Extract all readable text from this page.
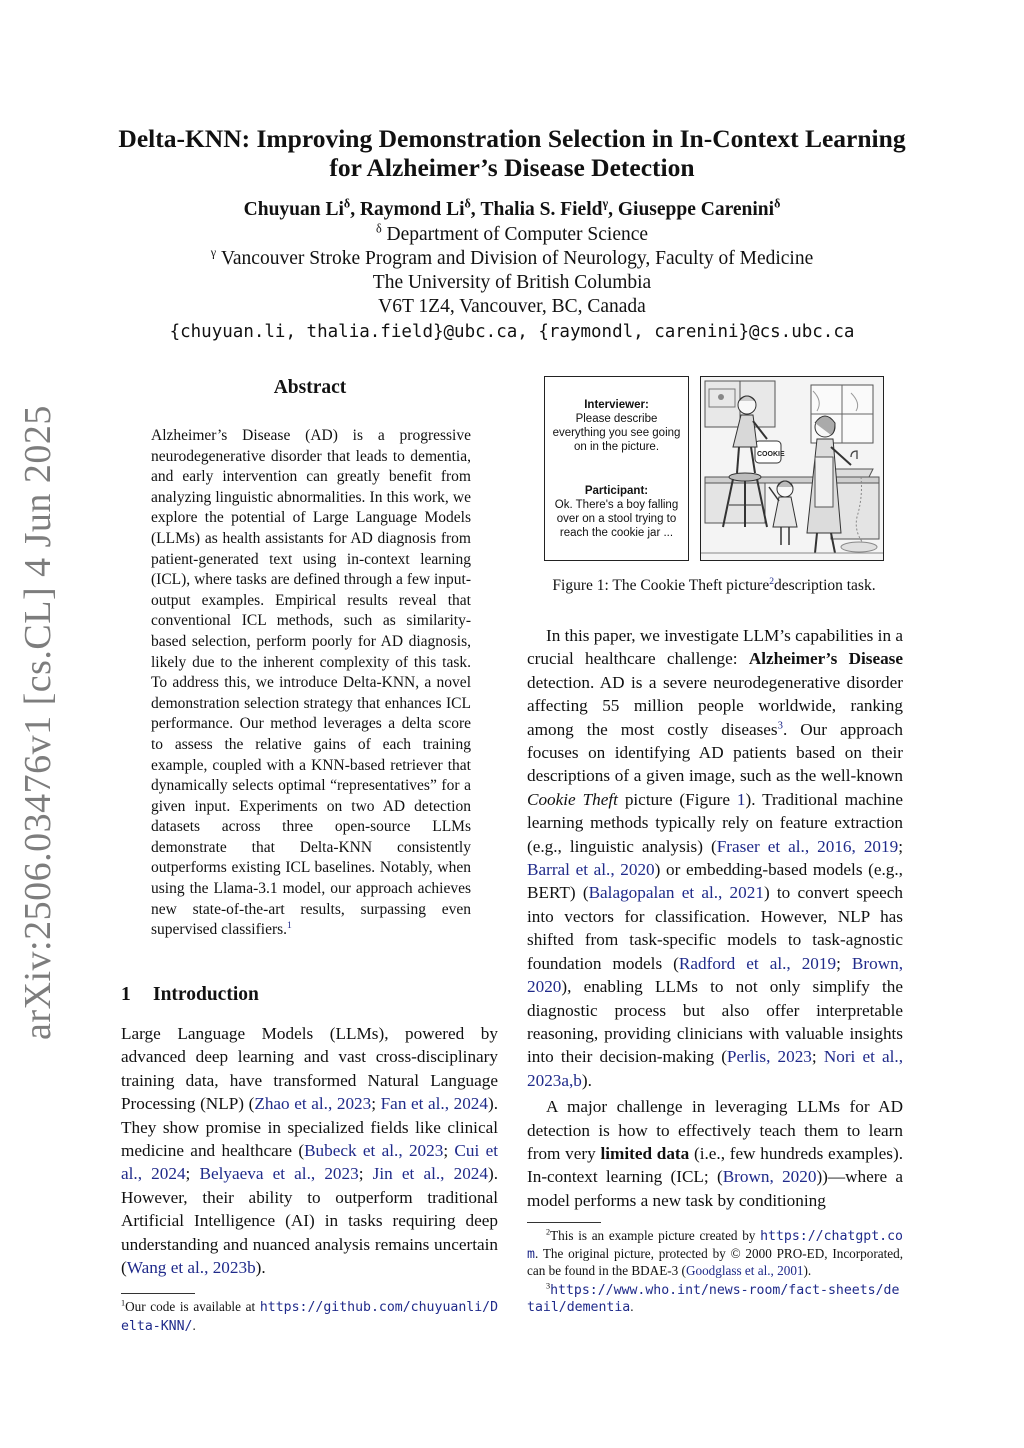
arXiv:2506.03476v1 [cs.CL] 4 Jun 2025
Delta-KNN: Improving Demonstration Selection in In-Context Learning
for Alzheimer’s Disease Detection
Chuyuan $Li^\delta$, Raymond $Li^\delta$, Thalia S. Field$^\gamma$, Giuseppe Carenini$^\delta$
$^\delta$ Department of Computer Science
$^\gamma$ Vancouver Stroke Program and Division of Neurology, Faculty of Medicine
The University of British Columbia
V6T 1Z4, Vancouver, BC, Canada
{chuyuan.li, thalia.field}@ubc.ca, {raymondl, carenini}@cs.ubc.ca
Abstract
Alzheimer’s Disease (AD) is a progressive neurodegenerative disorder that leads to dementia, and early intervention can greatly benefit from analyzing linguistic abnormalities. In this work, we explore the potential of Large Language Models (LLMs) as health assistants for AD diagnosis from patient-generated text using in-context learning (ICL), where tasks are defined through a few input-output examples. Empirical results reveal that conventional ICL methods, such as similarity-based selection, perform poorly for AD diagnosis, likely due to the inherent complexity of this task. To address this, we introduce Delta-KNN, a novel demonstration selection strategy that enhances ICL performance. Our method leverages a delta score to assess the relative gains of each training example, coupled with a KNN-based retriever that dynamically selects optimal “representatives” for a given input. Experiments on two AD detection datasets across three open-source LLMs demonstrate that Delta-KNN consistently outperforms existing ICL baselines. Notably, when using the Llama-3.1 model, our approach achieves new state-of-the-art results, surpassing even supervised classifiers.$^1$
1 Introduction
Large Language Models (LLMs), powered by advanced deep learning and vast cross-disciplinary training data, have transformed Natural Language Processing (NLP) (Zhao et al., 2023; Fan et al., 2024). They show promise in specialized fields like clinical medicine and healthcare (Bubeck et al., 2023; Cui et al., 2024; Belyaeva et al., 2023; Jin et al., 2024). However, their ability to outperform traditional Artificial Intelligence (AI) in tasks requiring deep understanding and nuanced analysis remains uncertain (Wang et al., 2023b).
$^1$Our code is available at https://github.com/chuyuanli/Delta-KNN/.
Interviewer:
Please describe everything you see going on in the picture.
Participant:
Ok. There's a boy falling over on a stool trying to reach the cookie jar ...
COOKIE
Figure 1: The Cookie Theft picture$^2$description task.

In this paper, we investigate LLM’s capabilities in a crucial healthcare challenge: Alzheimer’s Disease detection. AD is a severe neurodegenerative disorder affecting 55 million people worldwide, ranking among the most costly diseases$^3$. Our approach focuses on identifying AD patients based on their descriptions of a given image, such as the well-known Cookie Theft picture (Figure 1). Traditional machine learning methods typically rely on feature extraction (e.g., linguistic analysis) (Fraser et al., 2016, 2019; Barral et al., 2020) or embedding-based models (e.g., BERT) (Balagopalan et al., 2021) to convert speech into vectors for classification. However, NLP has shifted from task-specific models to task-agnostic foundation models (Radford et al., 2019; Brown, 2020), enabling LLMs to not only simplify the diagnostic process but also offer interpretable reasoning, providing clinicians with valuable insights into their decision-making (Perlis, 2023; Nori et al., 2023a,b).

A major challenge in leveraging LLMs for AD detection is how to effectively teach them to learn from very limited data (i.e., few hundreds examples). In-context learning (ICL; (Brown, 2020))—where a model performs a new task by conditioning

$^2$This is an example picture created by https://chatgpt.com. The original picture, protected by © 2000 PRO-ED, Incorporated, can be found in the BDAE-3 (Goodglass et al., 2001).
$^3$https://www.who.int/news-room/fact-sheets/detail/dementia.
